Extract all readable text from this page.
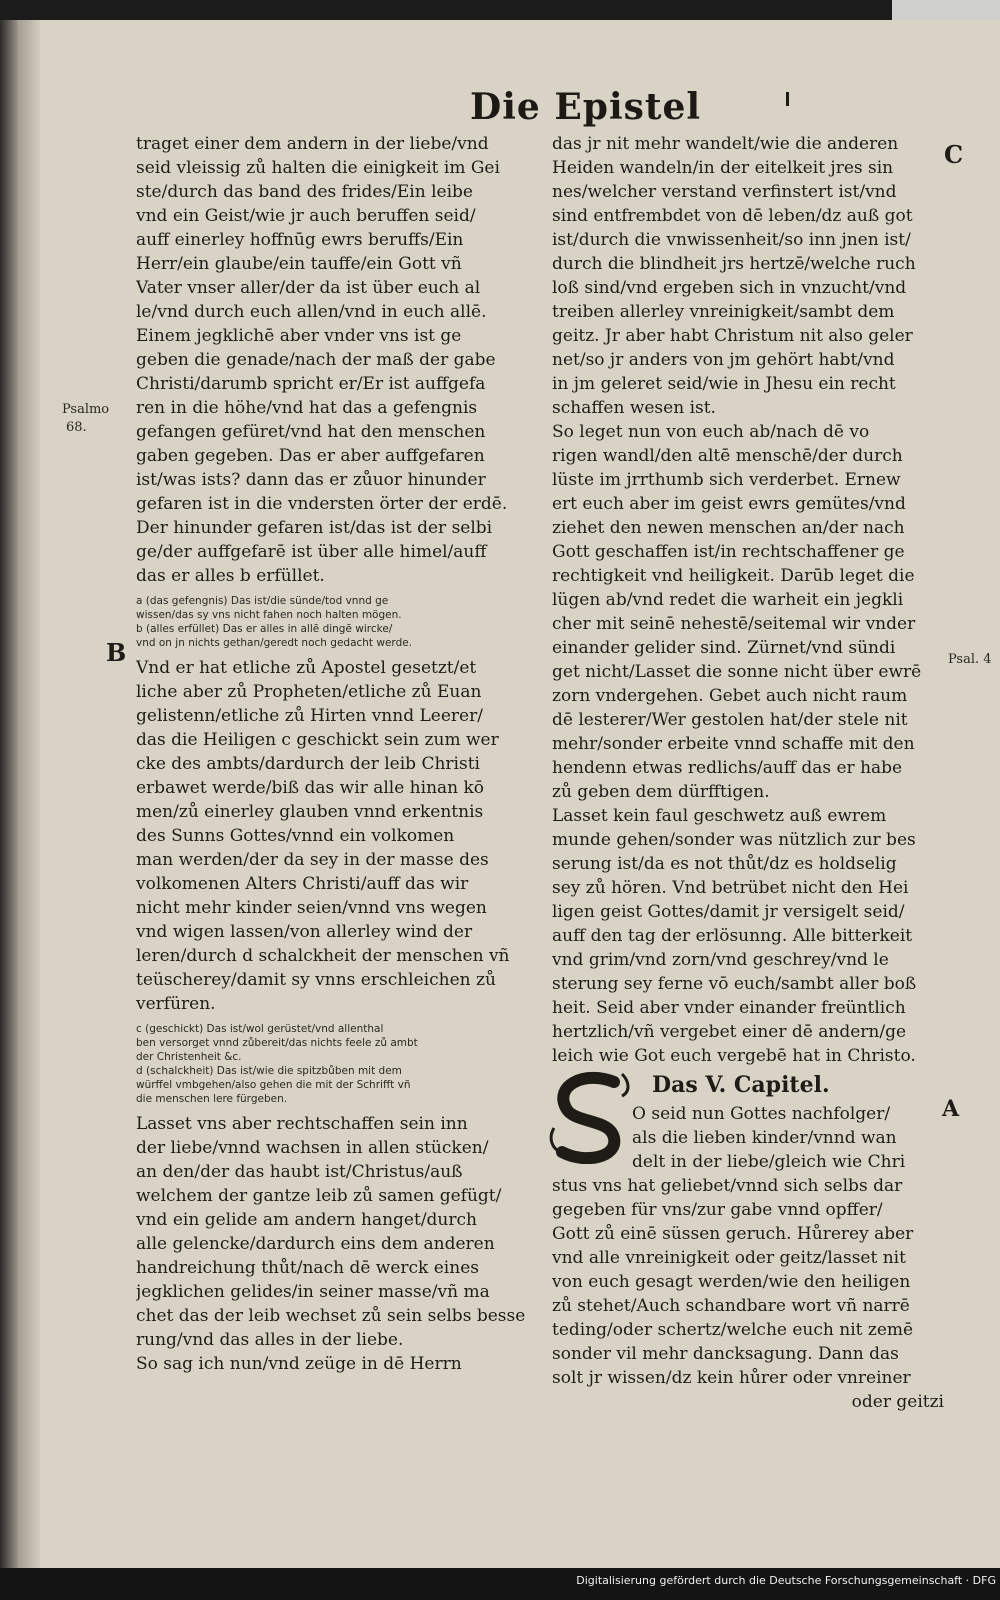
Die Epistel
Psalmo
68.
B
C
Psal. 4
A
traget einer dem andern in der liebe/vnd
seid vleissig zů halten die einigkeit im Gei
ste/durch das band des frides/Ein leibe
vnd ein Geist/wie jr auch beruffen seid/
auff einerley hoffnūg ewrs beruffs/Ein
Herr/ein glaube/ein tauffe/ein Gott vñ
Vater vnser aller/der da ist über euch al
le/vnd durch euch allen/vnd in euch allē.
Einem jegklichē aber vnder vns ist ge
geben die genade/nach der maß der gabe
Christi/darumb spricht er/Er ist auffgefa
ren in die höhe/vnd hat das a gefengnis
gefangen gefüret/vnd hat den menschen
gaben gegeben. Das er aber auffgefaren
ist/was ists? dann das er zůuor hinunder
gefaren ist in die vndersten örter der erdē.
Der hinunder gefaren ist/das ist der selbi
ge/der auffgefarē ist über alle himel/auff
das er alles b erfüllet.
a (das gefengnis) Das ist/die sünde/tod vnnd ge
wissen/das sy vns nicht fahen noch halten mögen.
b (alles erfüllet) Das er alles in allē dingē wircke/
vnd on jn nichts gethan/geredt noch gedacht werde.
Vnd er hat etliche zů Apostel gesetzt/et
liche aber zů Propheten/etliche zů Euan
gelistenn/etliche zů Hirten vnnd Leerer/
das die Heiligen c geschickt sein zum wer
cke des ambts/dardurch der leib Christi
erbawet werde/biß das wir alle hinan kō
men/zů einerley glauben vnnd erkentnis
des Sunns Gottes/vnnd ein volkomen
man werden/der da sey in der masse des
volkomenen Alters Christi/auff das wir
nicht mehr kinder seien/vnnd vns wegen
vnd wigen lassen/von allerley wind der
leren/durch d schalckheit der menschen vñ
teüscherey/damit sy vnns erschleichen zů
verfüren.
c (geschickt) Das ist/wol gerüstet/vnd allenthal
ben versorget vnnd zůbereit/das nichts feele zů ambt
der Christenheit &c.
d (schalckheit) Das ist/wie die spitzbůben mit dem
würffel vmbgehen/also gehen die mit der Schrifft vñ
die menschen lere fürgeben.
Lasset vns aber rechtschaffen sein inn
der liebe/vnnd wachsen in allen stücken/
an den/der das haubt ist/Christus/auß
welchem der gantze leib zů samen gefügt/
vnd ein gelide am andern hanget/durch
alle gelencke/dardurch eins dem anderen
handreichung thůt/nach dē werck eines
jegklichen gelides/in seiner masse/vñ ma
chet das der leib wechset zů sein selbs besse
rung/vnd das alles in der liebe.
So sag ich nun/vnd zeüge in dē Herrn
das jr nit mehr wandelt/wie die anderen
Heiden wandeln/in der eitelkeit jres sin
nes/welcher verstand verfinstert ist/vnd
sind entfrembdet von dē leben/dz auß got
ist/durch die vnwissenheit/so inn jnen ist/
durch die blindheit jrs hertzē/welche ruch
loß sind/vnd ergeben sich in vnzucht/vnd
treiben allerley vnreinigkeit/sambt dem
geitz. Jr aber habt Christum nit also geler
net/so jr anders von jm gehört habt/vnd
in jm geleret seid/wie in Jhesu ein recht
schaffen wesen ist.
So leget nun von euch ab/nach dē vo
rigen wandl/den altē menschē/der durch
lüste im jrrthumb sich verderbet. Ernew
ert euch aber im geist ewrs gemütes/vnd
ziehet den newen menschen an/der nach
Gott geschaffen ist/in rechtschaffener ge
rechtigkeit vnd heiligkeit. Darūb leget die
lügen ab/vnd redet die warheit ein jegkli
cher mit seinē nehestē/seitemal wir vnder
einander gelider sind. Zürnet/vnd sündi
get nicht/Lasset die sonne nicht über ewrē
zorn vndergehen. Gebet auch nicht raum
dē lesterer/Wer gestolen hat/der stele nit
mehr/sonder erbeite vnnd schaffe mit den
hendenn etwas redlichs/auff das er habe
zů geben dem dürfftigen.
Lasset kein faul geschwetz auß ewrem
munde gehen/sonder was nützlich zur bes
serung ist/da es not thůt/dz es holdselig
sey zů hören. Vnd betrübet nicht den Hei
ligen geist Gottes/damit jr versigelt seid/
auff den tag der erlösunng. Alle bitterkeit
vnd grim/vnd zorn/vnd geschrey/vnd le
sterung sey ferne vō euch/sambt aller boß
heit. Seid aber vnder einander freüntlich
hertzlich/vñ vergebet einer dē andern/ge
leich wie Got euch vergebē hat in Christo.
Das V. Capitel.
S
O seid nun Gottes nachfolger/
als die lieben kinder/vnnd wan
delt in der liebe/gleich wie Chri
stus vns hat geliebet/vnnd sich selbs dar
gegeben für vns/zur gabe vnnd opffer/
Gott zů einē süssen geruch. Hůrerey aber
vnd alle vnreinigkeit oder geitz/lasset nit
von euch gesagt werden/wie den heiligen
zů stehet/Auch schandbare wort vñ narrē
teding/oder schertz/welche euch nit zemē
sonder vil mehr dancksagung. Dann das
solt jr wissen/dz kein hůrer oder vnreiner
oder geitzi
Digitalisierung gefördert durch die Deutsche Forschungsgemeinschaft · DFG
